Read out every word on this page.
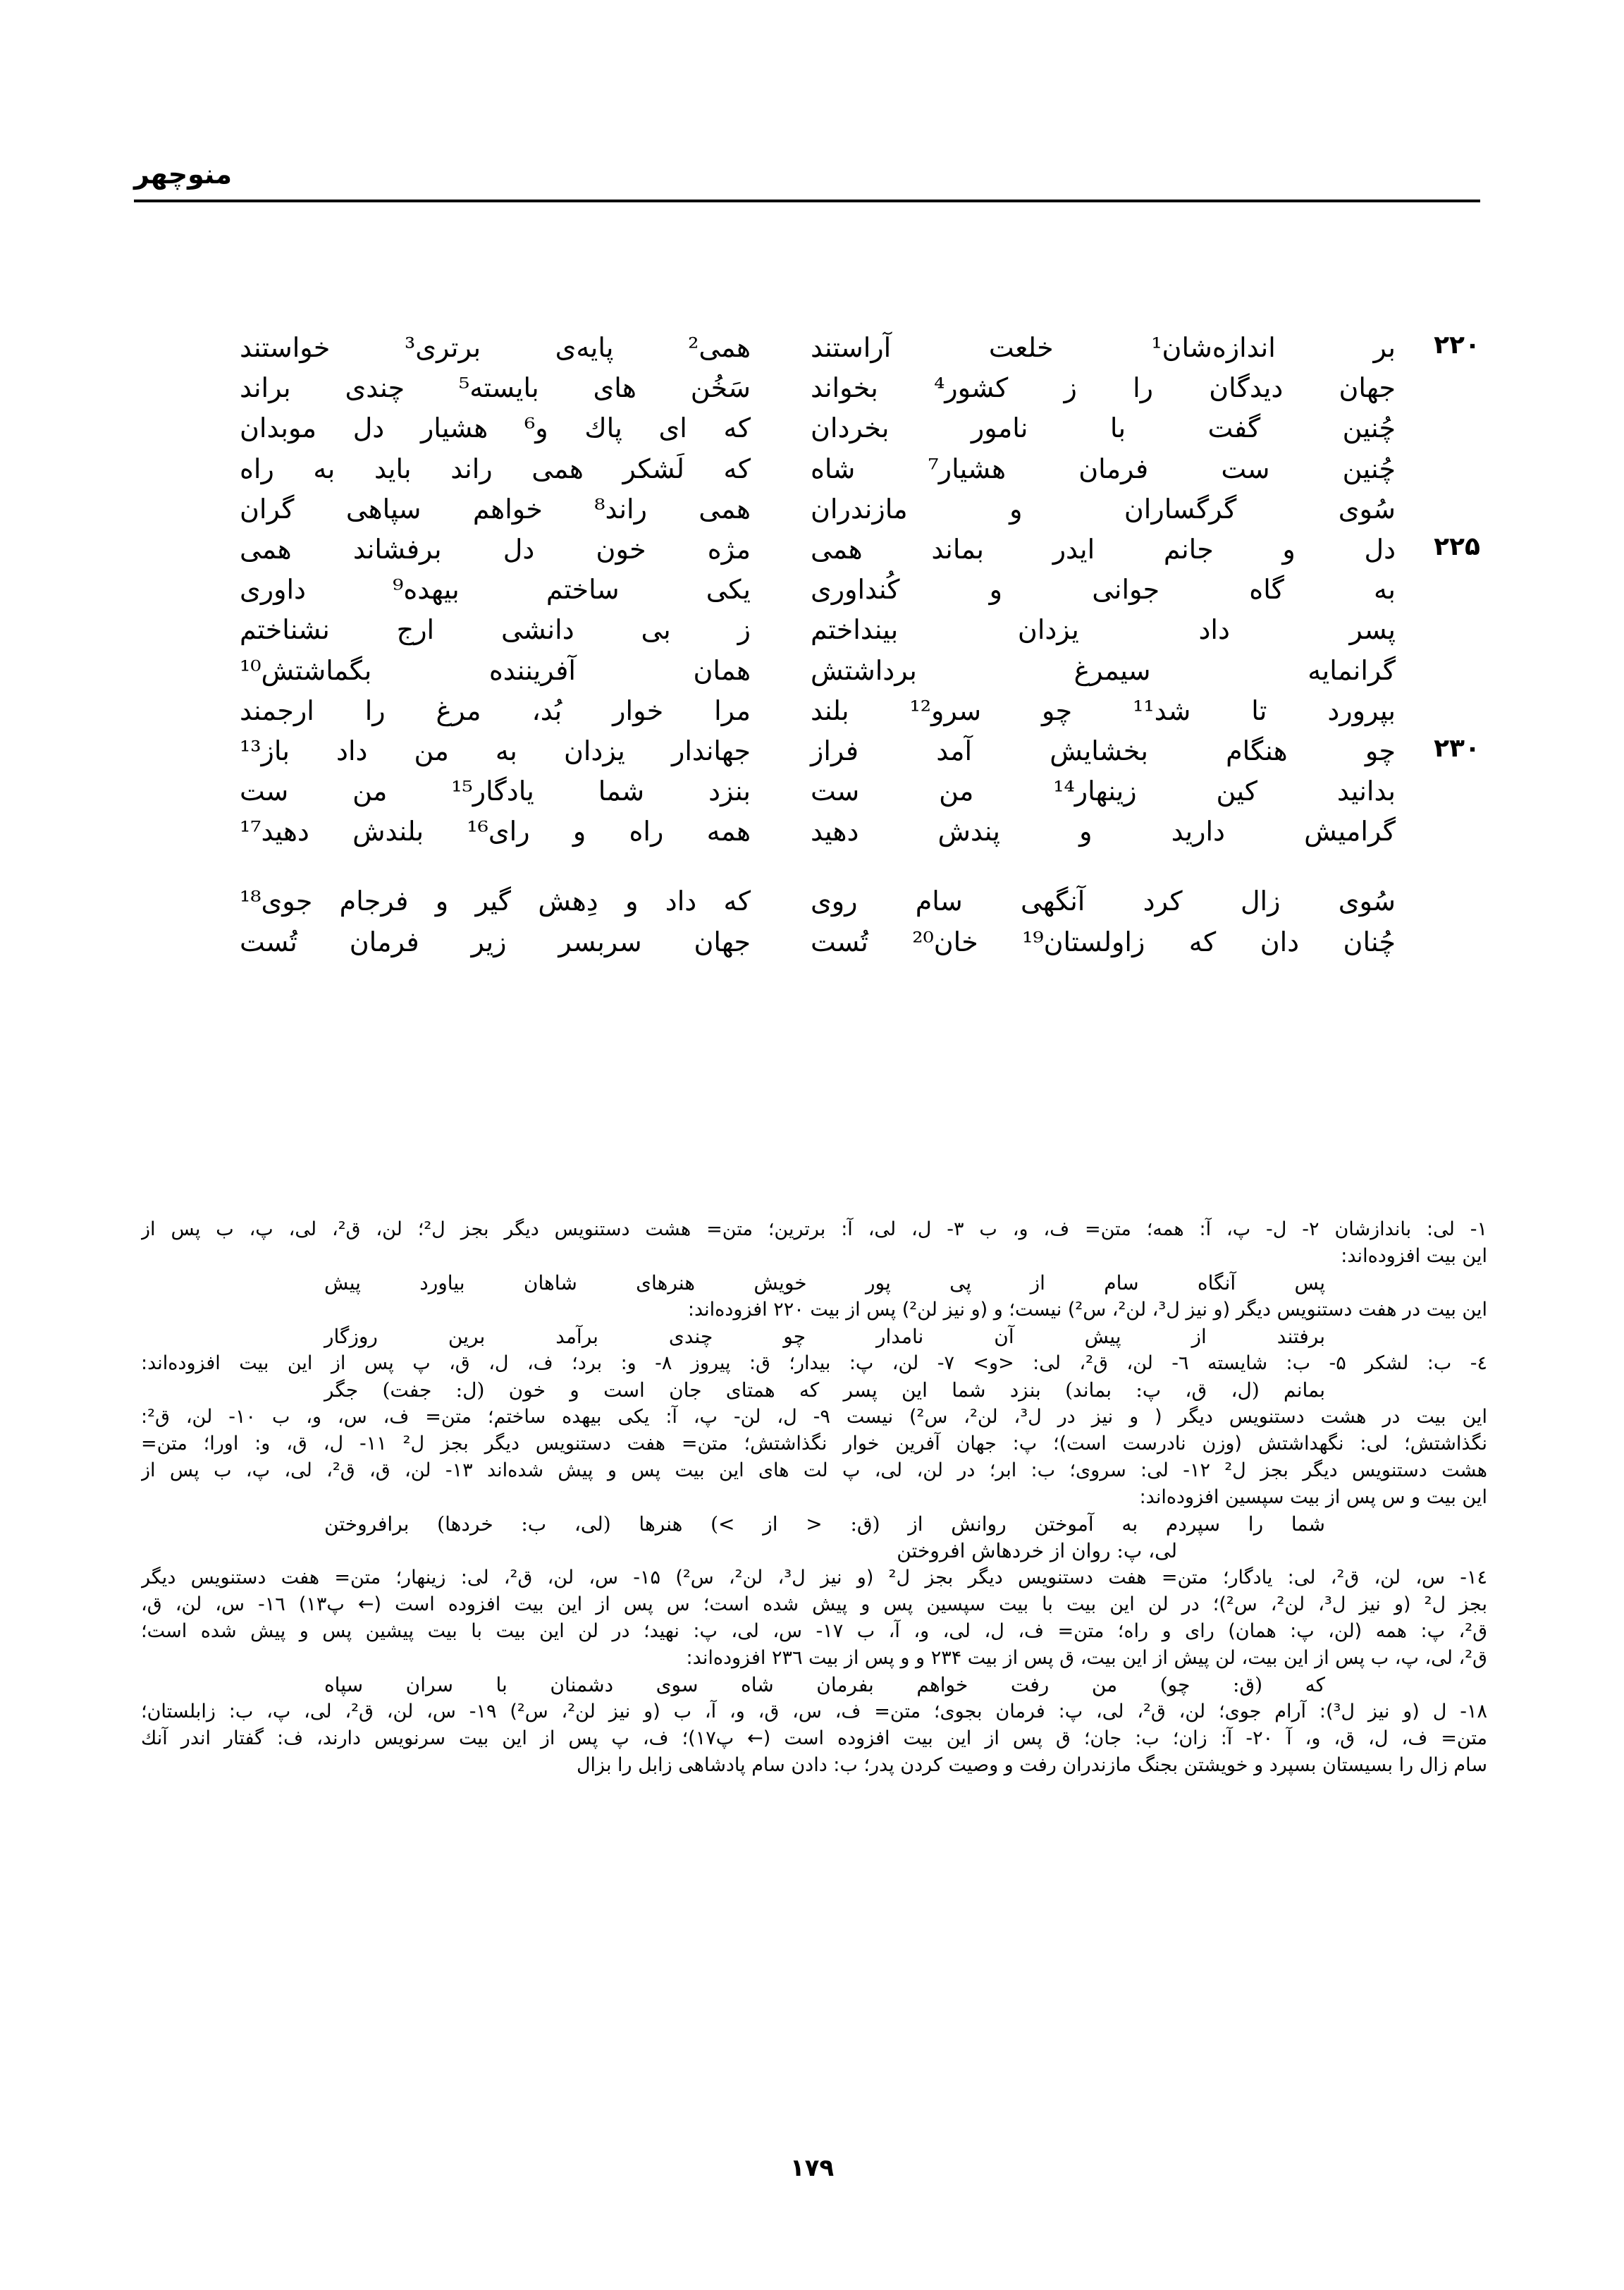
منوچهر
۲۲۰
بر اندازه‌شان¹ خلعت آراستند
همی² پایه‌ی برتری³ خواستند
جهان دیدگان را ز کشور⁴ بخواند
سَخُن های بایسته⁵ چندی براند
چُنین گفت با نامور بخردان
که ای پاك و⁶ هشیار دل موبدان
چُنین ست فرمان هشیار⁷ شاه
که لَشکر همی راند باید به راه
سُوی گرگساران و مازندران
همی راند⁸ خواهم سپاهی گران
۲۲۵
دل و جانم ایدر بماند همی
مژه خون دل برفشاند همی
به گاه جوانی و کُنداوری
یکی ساختم بیهده⁹ داوری
پسر داد یزدان بینداختم
ز بی دانشی ارج نشناختم
گرانمایه سیمرغ برداشتش
همان آفریننده بگماشتش¹⁰
بپرورد تا شد¹¹ چو سرو¹² بلند
مرا خوار بُد، مرغ را ارجمند
۲۳۰
چو هنگام بخشایش آمد فراز
جهاندار یزدان به من داد باز¹³
بدانید کین زینهار¹⁴ من ست
بنزد شما یادگار¹⁵ من ست
گرامیش دارید و پندش دهید
همه راه و رای¹⁶ بلندش دهید¹⁷
سُوی زال کرد آنگهی سام روی
که داد و دِهش گیر و فرجام جوی¹⁸
چُنان دان که زاولستان¹⁹ خان²⁰ تُست
جهان سربسر زیر فرمان تُست
۱- لی: باندازشان ۲- ل- پ، آ: همه؛ متن= ف، و، ب ۳- ل، لی، آ: برترین؛ متن= هشت دستنویس دیگر بجز ل²؛ لن، ق²، لی، پ، ب پس از
این بیت افزوده‌اند:
پس آنگاه سام از پی پور خویش هنرهای شاهان بیاورد پیش
این بیت در هفت دستنویس دیگر (و نیز ل³، لن²، س²) نیست؛ و (و نیز لن²) پس از بیت ۲۲۰ افزوده‌اند:
برفتند از پیش آن نامدار چو چندی برآمد برین روزگار
٤- ب: لشکر ۵- ب: شایسته ٦- لن، ق²، لی: <و> ۷- لن، پ: بیدار؛ ق: پیروز ۸- و: برد؛ ف، ل، ق، پ پس از این بیت افزوده‌اند:
بمانم (ل، ق، پ: بماند) بنزد شما این پسر که همتای جان است و خون (ل: جفت) جگر
این بیت در هشت دستنویس دیگر ( و نیز در ل³، لن²، س²) نیست ۹- ل، لن- پ، آ: یکی بیهده ساختم؛ متن= ف، س، و، ب ۱۰- لن، ق²:
نگذاشتش؛ لی: نگهداشتش (وزن نادرست است)؛ پ: جهان آفرین خوار نگذاشتش؛ متن= هفت دستنویس دیگر بجز ل² ۱۱- ل، ق، و: اورا؛ متن=
هشت دستنویس دیگر بجز ل² ۱۲- لی: سروی؛ ب: ابر؛ در لن، لی، پ لت های این بیت پس و پیش شده‌اند ۱۳- لن، ق، ق²، لی، پ، ب پس از
این بیت و س پس از بیت سپسین افزوده‌اند:
شما را سپردم به آموختن روانش از (ق: < از >) هنرها (لی، ب: خردها) برافروختن
لی، پ: روان از خردهاش افروختن
١٤- س، لن، ق²، لی: یادگار؛ متن= هفت دستنویس دیگر بجز ل² (و نیز ل³، لن²، س²) ١۵- س، لن، ق²، لی: زینهار؛ متن= هفت دستنویس دیگر
بجز ل² (و نیز ل³، لن²، س²)؛ در لن این بیت با بیت سپسین پس و پیش شده است؛ س پس از این بیت افزوده است (← پ۱۳) ١٦- س، لن، ق،
ق²، پ: همه (لن، پ: همان) رای و راه؛ متن= ف، ل، لی، و، آ، ب ١۷- س، لی، پ: نهید؛ در لن این بیت با بیت پیشین پس و پیش شده است؛
ق²، لی، پ، ب پس از این بیت، لن پیش از این بیت، ق پس از بیت ۲۳۴ و و پس از بیت ۲۳٦ افزوده‌اند:
که (ق: چو) من رفت خواهم بفرمان شاه سوی دشمنان با سران سپاه
١٨- ل (و نیز ل³): آرام جوی؛ لن، ق²، لی، پ: فرمان بجوی؛ متن= ف، س، ق، و، آ، ب (و نیز لن²، س²) ١٩- س، لن، ق²، لی، پ، ب: زابلستان؛
متن= ف، ل، ق، و، آ ۲۰- آ: زان؛ ب: جان؛ ق پس از این بیت افزوده است (← پ۱۷)؛ ف، پ پس از این بیت سرنویس دارند، ف: گفتار اندر آنك
سام زال را بسیستان بسپرد و خویشتن بجنگ مازندران رفت و وصیت کردن پدر؛ ب: دادن سام پادشاهی زابل را بزال
۱۷۹
